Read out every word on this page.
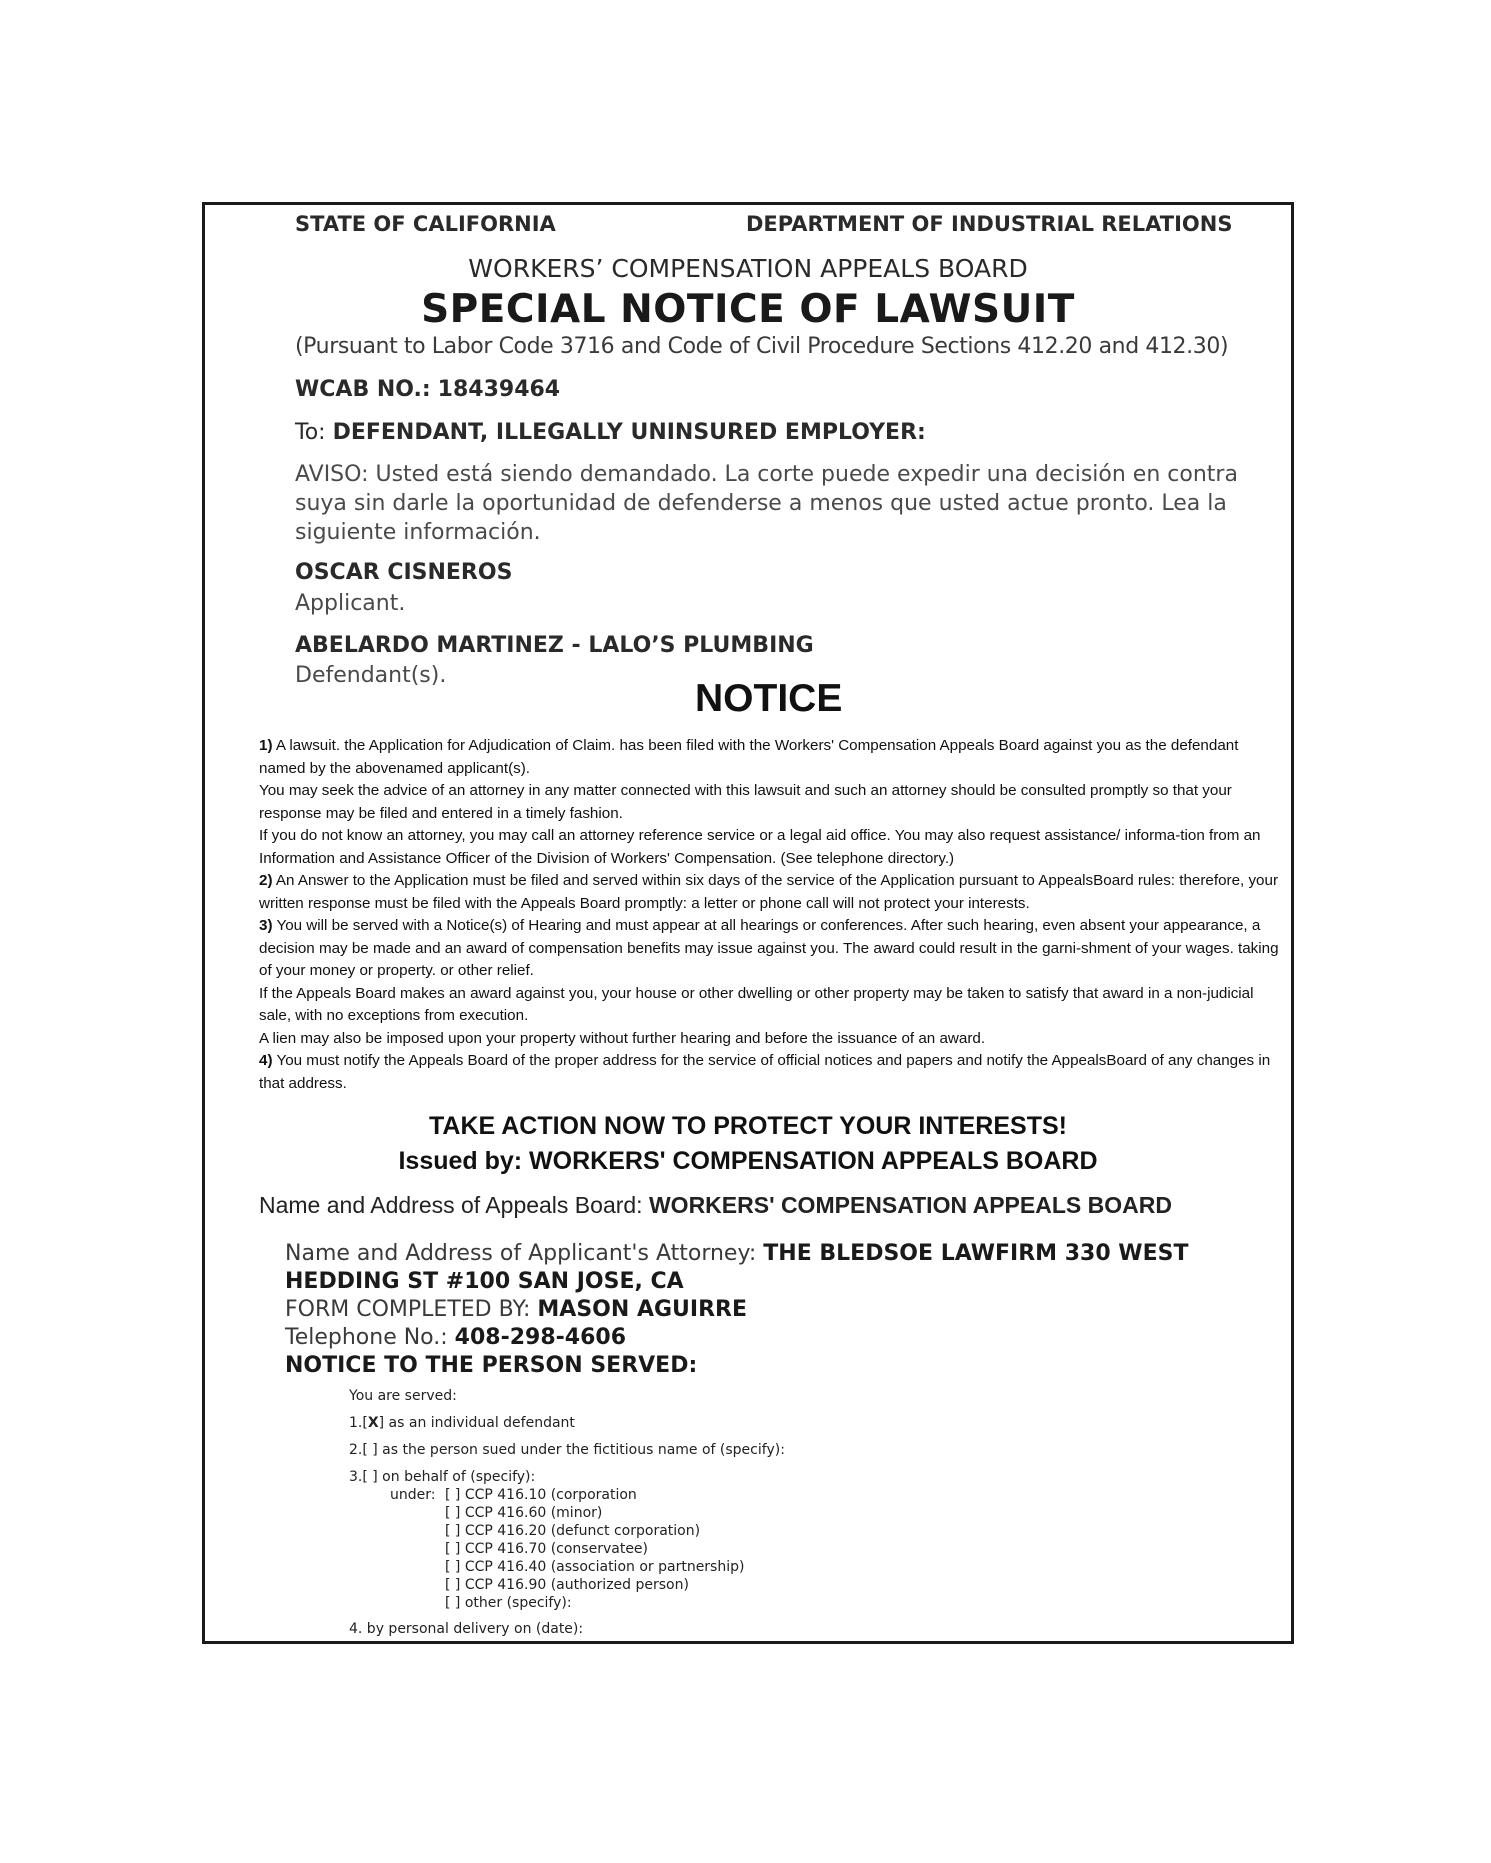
STATE OF CALIFORNIA	DEPARTMENT OF INDUSTRIAL RELATIONS
WORKERS’ COMPENSATION APPEALS BOARD
SPECIAL NOTICE OF LAWSUIT
(Pursuant to Labor Code 3716 and Code of Civil Procedure Sections 412.20 and 412.30)
WCAB NO.: 18439464
To: DEFENDANT, ILLEGALLY UNINSURED EMPLOYER:
AVISO: Usted está siendo demandado. La corte puede expedir una decisión en contra suya sin darle la oportunidad de defenderse a menos que usted actue pronto. Lea la siguiente información.
OSCAR CISNEROS
Applicant.
ABELARDO MARTINEZ - LALO’S PLUMBING
Defendant(s).
NOTICE

1) A lawsuit. the Application for Adjudication of Claim. has been filed with the Workers' Compensation Appeals Board against you as the defendant named by the abovenamed applicant(s).

You may seek the advice of an attorney in any matter connected with this lawsuit and such an attorney should be consulted promptly so that your response may be filed and entered in a timely fashion.

If you do not know an attorney, you may call an attorney reference service or a legal aid office. You may also request assistance/ informa-tion from an Information and Assistance Officer of the Division of Workers' Compensation. (See telephone directory.)

2) An Answer to the Application must be filed and served within six days of the service of the Application pursuant to AppealsBoard rules: therefore, your written response must be filed with the Appeals Board promptly: a letter or phone call will not protect your interests.

3) You will be served with a Notice(s) of Hearing and must appear at all hearings or conferences. After such hearing, even absent your appearance, a decision may be made and an award of compensation benefits may issue against you. The award could result in the garni-shment of your wages. taking of your money or property. or other relief.

If the Appeals Board makes an award against you, your house or other dwelling or other property may be taken to satisfy that award in a non-judicial sale, with no exceptions from execution.

A lien may also be imposed upon your property without further hearing and before the issuance of an award.

4) You must notify the Appeals Board of the proper address for the service of official notices and papers and notify the AppealsBoard of any changes in that address.

TAKE ACTION NOW TO PROTECT YOUR INTERESTS!
Issued by: WORKERS' COMPENSATION APPEALS BOARD
Name and Address of Appeals Board: WORKERS' COMPENSATION APPEALS BOARD
Name and Address of Applicant's Attorney: THE BLEDSOE LAWFIRM 330 WEST
HEDDING ST #100 SAN JOSE, CA
FORM COMPLETED BY: MASON AGUIRRE
Telephone No.: 408-298-4606
NOTICE TO THE PERSON SERVED:
You are served:
1.[X] as an individual defendant
2.[ ] as the person sued under the fictitious name of (specify):
3.[ ] on behalf of (specify):
under: [ ] CCP 416.10 (corporation
[ ] CCP 416.60 (minor)
[ ] CCP 416.20 (defunct corporation)
[ ] CCP 416.70 (conservatee)
[ ] CCP 416.40 (association or partnership)
[ ] CCP 416.90 (authorized person)
[ ] other (specify):
4. by personal delivery on (date):
